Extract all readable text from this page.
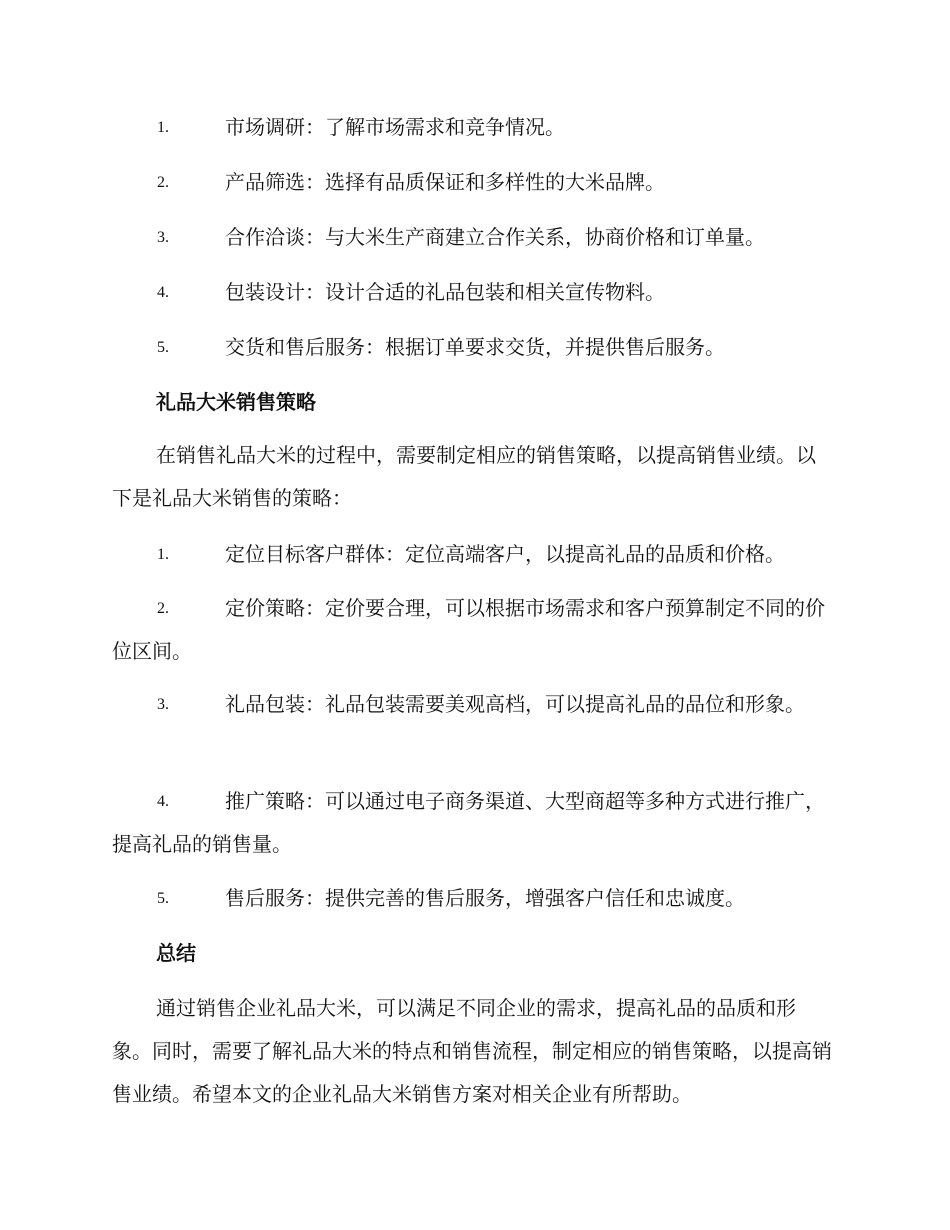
1.	市场调研：了解市场需求和竞争情况。
2.	产品筛选：选择有品质保证和多样性的大米品牌。
3.	合作洽谈：与大米生产商建立合作关系，协商价格和订单量。
4.	包装设计：设计合适的礼品包装和相关宣传物料。
5.	交货和售后服务：根据订单要求交货，并提供售后服务。
礼品大米销售策略
在销售礼品大米的过程中，需要制定相应的销售策略，以提高销售业绩。以下是礼品大米销售的策略：
1.	定位目标客户群体：定位高端客户，以提高礼品的品质和价格。
2.	定价策略：定价要合理，可以根据市场需求和客户预算制定不同的价位区间。
3.	礼品包装：礼品包装需要美观高档，可以提高礼品的品位和形象。
4.	推广策略：可以通过电子商务渠道、大型商超等多种方式进行推广，提高礼品的销售量。
5.	售后服务：提供完善的售后服务，增强客户信任和忠诚度。
总结
通过销售企业礼品大米，可以满足不同企业的需求，提高礼品的品质和形象。同时，需要了解礼品大米的特点和销售流程，制定相应的销售策略，以提高销售业绩。希望本文的企业礼品大米销售方案对相关企业有所帮助。
